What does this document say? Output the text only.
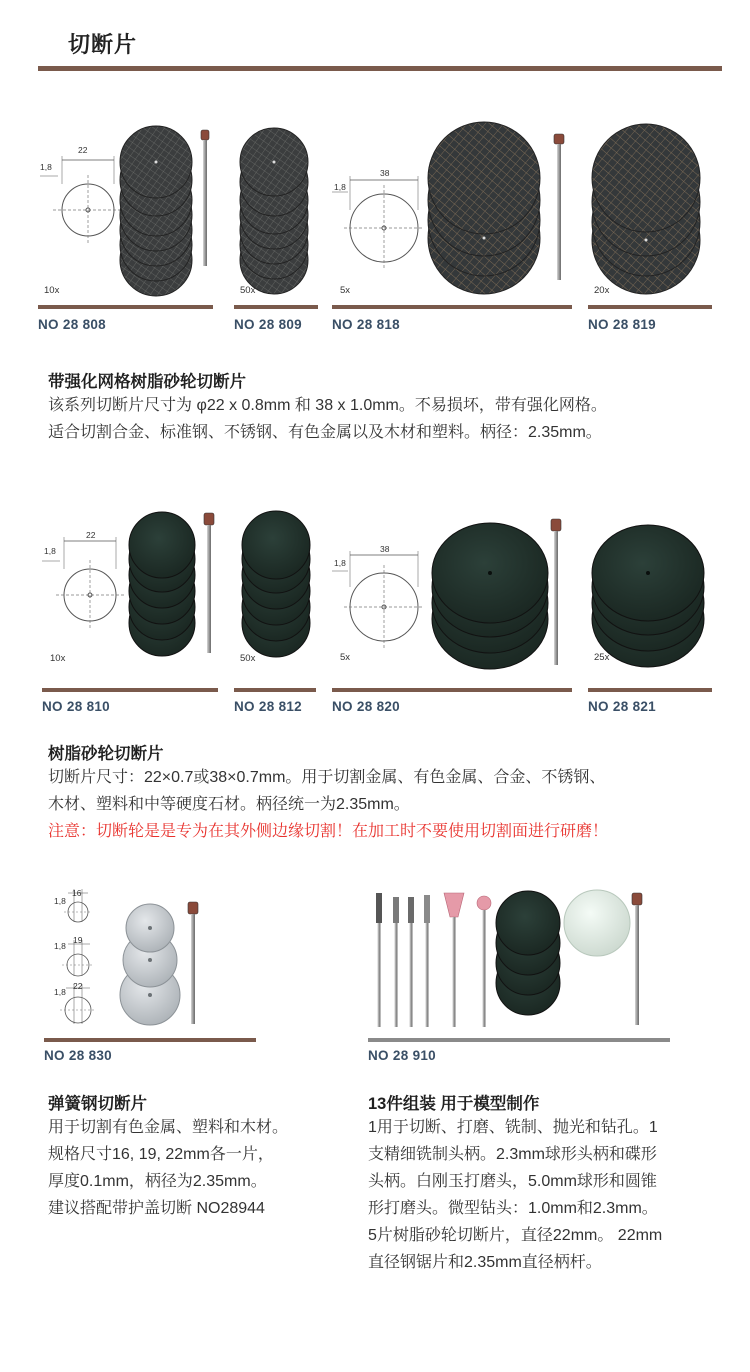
切断片
22
1,8
10x	50x
38
1,8
5x	20x
NO 28 808	NO 28 809 NO 28 818	NO 28 819
带强化网格树脂砂轮切断片
该系列切断片尺寸为 φ22 x 0.8mm 和 38 x 1.0mm。不易损坏，带有强化网格。
适合切割合金、标准钢、不锈钢、有色金属以及木材和塑料。柄径：2.35mm。
22
1,8
10x	50x
38
1,8
5x	25x
NO 28 810	NO 28 812 NO 28 820	NO 28 821
树脂砂轮切断片
切断片尺寸：22×0.7或38×0.7mm。用于切割金属、有色金属、合金、不锈钢、
木材、塑料和中等硬度石材。柄径统一为2.35mm。
注意：切断轮是是专为在其外侧边缘切割！在加工时不要使用切割面进行研磨！
16
1,8
19
1,8
22
1,8
NO 28 830	NO 28 910
弹簧钢切断片
用于切割有色金属、塑料和木材。
规格尺寸16, 19, 22mm各一片，
厚度0.1mm，柄径为2.35mm。
建议搭配带护盖切断 NO28944
13件组装 用于模型制作
1用于切断、打磨、铣制、抛光和钻孔。1
支精细铣制头柄。2.3mm球形头柄和碟形
头柄。白刚玉打磨头，5.0mm球形和圆锥
形打磨头。微型钻头：1.0mm和2.3mm。
5片树脂砂轮切断片，直径22mm。 22mm
直径钢锯片和2.35mm直径柄杆。
